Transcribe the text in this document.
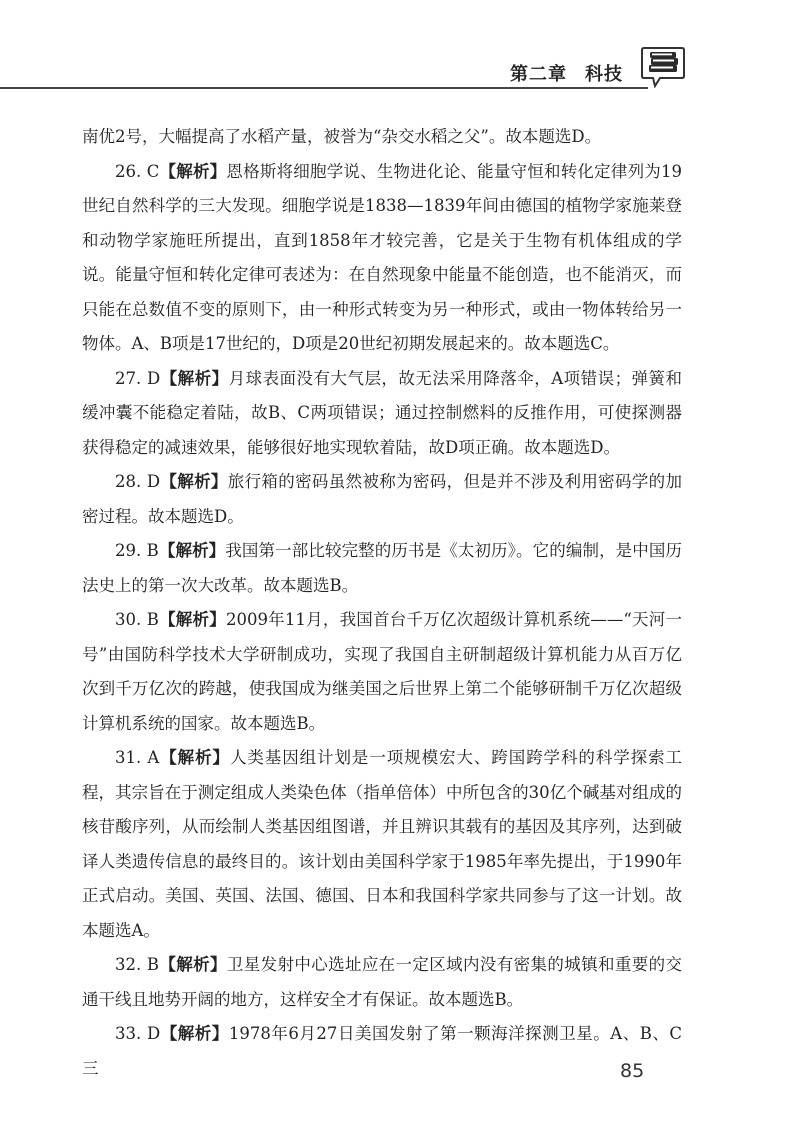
第二章 科技

南优2号，大幅提高了水稻产量，被誉为“杂交水稻之父”。故本题选D。

26. C【解析】恩格斯将细胞学说、生物进化论、能量守恒和转化定律列为19世纪自然科学的三大发现。细胞学说是1838—1839年间由德国的植物学家施莱登和动物学家施旺所提出，直到1858年才较完善，它是关于生物有机体组成的学说。能量守恒和转化定律可表述为：在自然现象中能量不能创造，也不能消灭，而只能在总数值不变的原则下，由一种形式转变为另一种形式，或由一物体转给另一物体。A、B项是17世纪的，D项是20世纪初期发展起来的。故本题选C。

27. D【解析】月球表面没有大气层，故无法采用降落伞，A项错误；弹簧和缓冲囊不能稳定着陆，故B、C两项错误；通过控制燃料的反推作用，可使探测器获得稳定的减速效果，能够很好地实现软着陆，故D项正确。故本题选D。

28. D【解析】旅行箱的密码虽然被称为密码，但是并不涉及利用密码学的加密过程。故本题选D。

29. B【解析】我国第一部比较完整的历书是《太初历》。它的编制，是中国历法史上的第一次大改革。故本题选B。

30. B【解析】2009年11月，我国首台千万亿次超级计算机系统——“天河一号”由国防科学技术大学研制成功，实现了我国自主研制超级计算机能力从百万亿次到千万亿次的跨越，使我国成为继美国之后世界上第二个能够研制千万亿次超级计算机系统的国家。故本题选B。

31. A【解析】人类基因组计划是一项规模宏大、跨国跨学科的科学探索工程，其宗旨在于测定组成人类染色体（指单倍体）中所包含的30亿个碱基对组成的核苷酸序列，从而绘制人类基因组图谱，并且辨识其载有的基因及其序列，达到破译人类遗传信息的最终目的。该计划由美国科学家于1985年率先提出，于1990年正式启动。美国、英国、法国、德国、日本和我国科学家共同参与了这一计划。故本题选A。

32. B【解析】卫星发射中心选址应在一定区域内没有密集的城镇和重要的交通干线且地势开阔的地方，这样安全才有保证。故本题选B。

33. D【解析】1978年6月27日美国发射了第一颗海洋探测卫星。A、B、C三	85
